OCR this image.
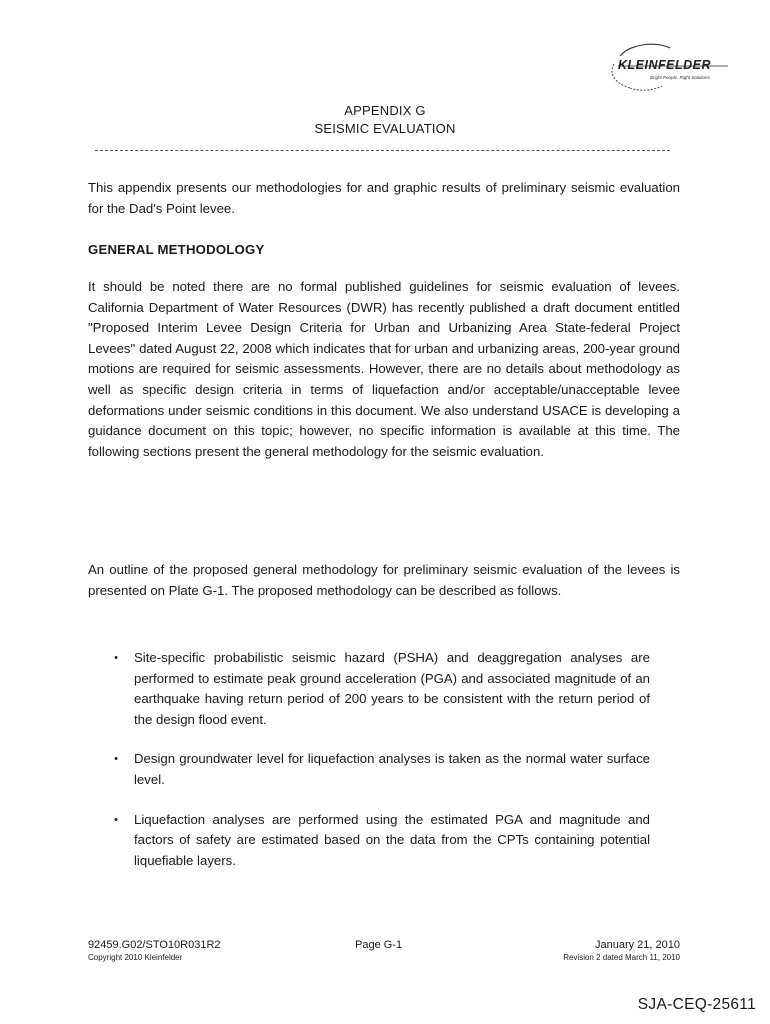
KLEINFELDER
Bright People. Right Solutions.
APPENDIX G
SEISMIC EVALUATION

This appendix presents our methodologies for and graphic results of preliminary seismic evaluation for the Dad's Point levee.

GENERAL METHODOLOGY

It should be noted there are no formal published guidelines for seismic evaluation of levees. California Department of Water Resources (DWR) has recently published a draft document entitled "Proposed Interim Levee Design Criteria for Urban and Urbanizing Area State-federal Project Levees" dated August 22, 2008 which indicates that for urban and urbanizing areas, 200-year ground motions are required for seismic assessments. However, there are no details about methodology as well as specific design criteria in terms of liquefaction and/or acceptable/unacceptable levee deformations under seismic conditions in this document. We also understand USACE is developing a guidance document on this topic; however, no specific information is available at this time. The following sections present the general methodology for the seismic evaluation.

An outline of the proposed general methodology for preliminary seismic evaluation of the levees is presented on Plate G-1. The proposed methodology can be described as follows.

•	Site-specific probabilistic seismic hazard (PSHA) and deaggregation analyses are performed to estimate peak ground acceleration (PGA) and associated magnitude of an earthquake having return period of 200 years to be consistent with the return period of the design flood event.
•	Design groundwater level for liquefaction analyses is taken as the normal water surface level.
•	Liquefaction analyses are performed using the estimated PGA and magnitude and factors of safety are estimated based on the data from the CPTs containing potential liquefiable layers.
92459.G02/STO10R031R2
Copyright 2010 Kleinfelder
Page G-1	January 21, 2010
Revision 2 dated March 11, 2010
SJA-CEQ-25611
